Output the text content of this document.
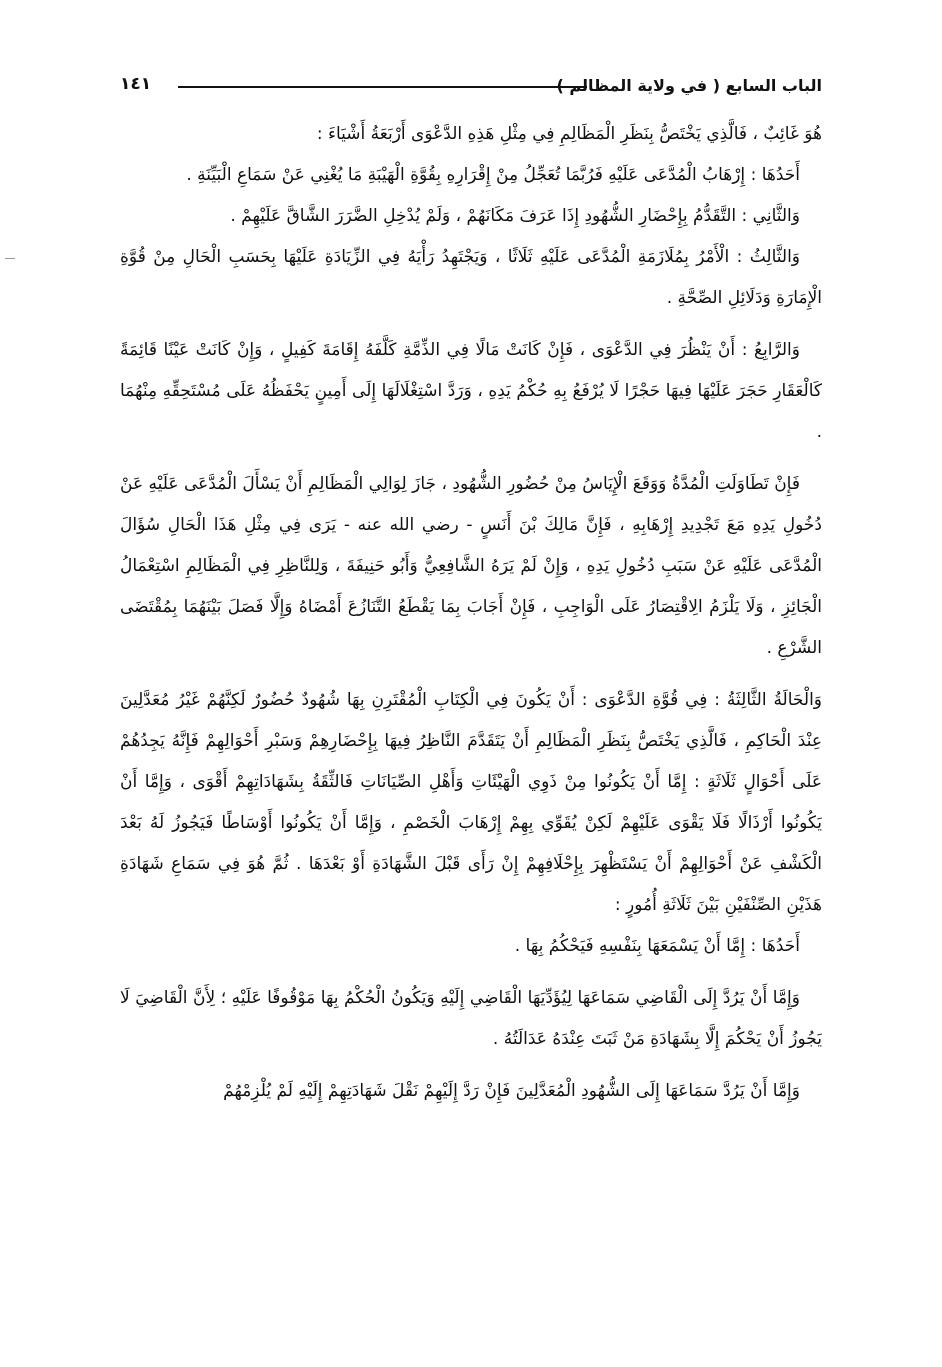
الباب السابع ( في ولاية المظالم )
١٤١

هُوَ غَائِبٌ ، فَالَّذِي يَخْتَصُّ بِنَظَرِ الْمَظَالِمِ فِي مِثْلِ هَذِهِ الدَّعْوَى أَرْبَعَةُ أَشْيَاءَ :

أَحَدُهَا : إِرْهَابُ الْمُدَّعَى عَلَيْهِ فَرُبَّمَا تُعَجِّلُ مِنْ إِقْرَارِهِ بِقُوَّةِ الْهَيْبَةِ مَا يُغْنِي عَنْ سَمَاعِ الْبَيِّنَةِ .

وَالثَّانِي : التَّقَدُّمُ بِإِحْضَارِ الشُّهُودِ إِذَا عَرَفَ مَكَانَهُمْ ، وَلَمْ يُدْخِلِ الضَّرَرَ الشَّاقَّ عَلَيْهِمْ .

وَالثَّالِثُ : الْأَمْرُ بِمُلَازَمَةِ الْمُدَّعَى عَلَيْهِ ثَلَاثًا ، وَيَجْتَهِدُ رَأْيَهُ فِي الزِّيَادَةِ عَلَيْهَا بِحَسَبِ الْحَالِ مِنْ قُوَّةِ الْإِمَارَةِ وَدَلَائِلِ الصِّحَّةِ .

وَالرَّابِعُ : أَنْ يَنْظُرَ فِي الدَّعْوَى ، فَإِنْ كَانَتْ مَالًا فِي الذِّمَّةِ كَلَّفَهُ إِقَامَةَ كَفِيلٍ ، وَإِنْ كَانَتْ عَيْنًا قَائِمَةً كَالْعَقَارِ حَجَرَ عَلَيْهَا فِيهَا حَجْرًا لَا يُرْفَعُ بِهِ حُكْمُ يَدِهِ ، وَرَدَّ اسْتِغْلَالَهَا إِلَى أَمِينٍ يَحْفَظُهُ عَلَى مُسْتَحِقِّهِ مِنْهُمَا .

فَإِنْ تَطَاوَلَتِ الْمُدَّةُ وَوَقَعَ الْإِيَاسُ مِنْ حُضُورِ الشُّهُودِ ، جَازَ لِوَالِي الْمَظَالِمِ أَنْ يَسْأَلَ الْمُدَّعَى عَلَيْهِ عَنْ دُخُولِ يَدِهِ مَعَ تَجْدِيدِ إِرْهَابِهِ ، فَإِنَّ مَالِكَ بْنَ أَنَسٍ - رضي الله عنه - يَرَى فِي مِثْلِ هَذَا الْحَالِ سُؤَالَ الْمُدَّعَى عَلَيْهِ عَنْ سَبَبِ دُخُولِ يَدِهِ ، وَإِنْ لَمْ يَرَهُ الشَّافِعِيُّ وَأَبُو حَنِيفَةَ ، وَلِلنَّاظِرِ فِي الْمَظَالِمِ اسْتِعْمَالُ الْجَائِزِ ، وَلَا يَلْزَمُ الِاقْتِصَارُ عَلَى الْوَاجِبِ ، فَإِنْ أَجَابَ بِمَا يَقْطَعُ التَّنَازُعَ أَمْضَاهُ وَإِلَّا فَصَلَ بَيْنَهُمَا بِمُقْتَضَى الشَّرْعِ .

وَالْحَالَةُ الثَّالِثَةُ : فِي قُوَّةِ الدَّعْوَى : أَنْ يَكُونَ فِي الْكِتَابِ الْمُقْتَرِنِ بِهَا شُهُودٌ حُضُورٌ لَكِنَّهُمْ غَيْرُ مُعَدَّلِينَ عِنْدَ الْحَاكِمِ ، فَالَّذِي يَخْتَصُّ بِنَظَرِ الْمَظَالِمِ أَنْ يَتَقَدَّمَ النَّاظِرُ فِيهَا بِإِحْضَارِهِمْ وَسَبْرِ أَحْوَالِهِمْ فَإِنَّهُ يَجِدُهُمْ عَلَى أَحْوَالٍ ثَلَاثَةٍ : إِمَّا أَنْ يَكُونُوا مِنْ ذَوِي الْهَيْئَاتِ وَأَهْلِ الصِّيَانَاتِ فَالثِّقَةُ بِشَهَادَاتِهِمْ أَقْوَى ، وَإِمَّا أَنْ يَكُونُوا أَرْذَالًا فَلَا يَقْوَى عَلَيْهِمْ لَكِنْ يُقَوِّي بِهِمْ إِرْهَابَ الْخَصْمِ ، وَإِمَّا أَنْ يَكُونُوا أَوْسَاطًا فَيَجُوزُ لَهُ بَعْدَ الْكَشْفِ عَنْ أَحْوَالِهِمْ أَنْ يَسْتَظْهِرَ بِإِحْلَافِهِمْ إِنْ رَأَى قَبْلَ الشَّهَادَةِ أَوْ بَعْدَهَا . ثُمَّ هُوَ فِي سَمَاعِ شَهَادَةِ هَذَيْنِ الصِّنْفَيْنِ بَيْنَ ثَلَاثَةِ أُمُورٍ :

أَحَدُهَا : إِمَّا أَنْ يَسْمَعَهَا بِنَفْسِهِ فَيَحْكُمُ بِهَا .

وَإِمَّا أَنْ يَرُدَّ إِلَى الْقَاضِي سَمَاعَهَا لِيُؤَدِّيَهَا الْقَاضِي إِلَيْهِ وَيَكُونُ الْحُكْمُ بِهَا مَوْقُوفًا عَلَيْهِ ؛ لِأَنَّ الْقَاضِيَ لَا يَجُوزُ أَنْ يَحْكُمَ إِلَّا بِشَهَادَةِ مَنْ ثَبَتَ عِنْدَهُ عَدَالَتُهُ .

وَإِمَّا أَنْ يَرُدَّ سَمَاعَهَا إِلَى الشُّهُودِ الْمُعَدَّلِينَ فَإِنْ رَدَّ إِلَيْهِمْ نَقْلَ شَهَادَتِهِمْ إِلَيْهِ لَمْ يُلْزِمْهُمْ
